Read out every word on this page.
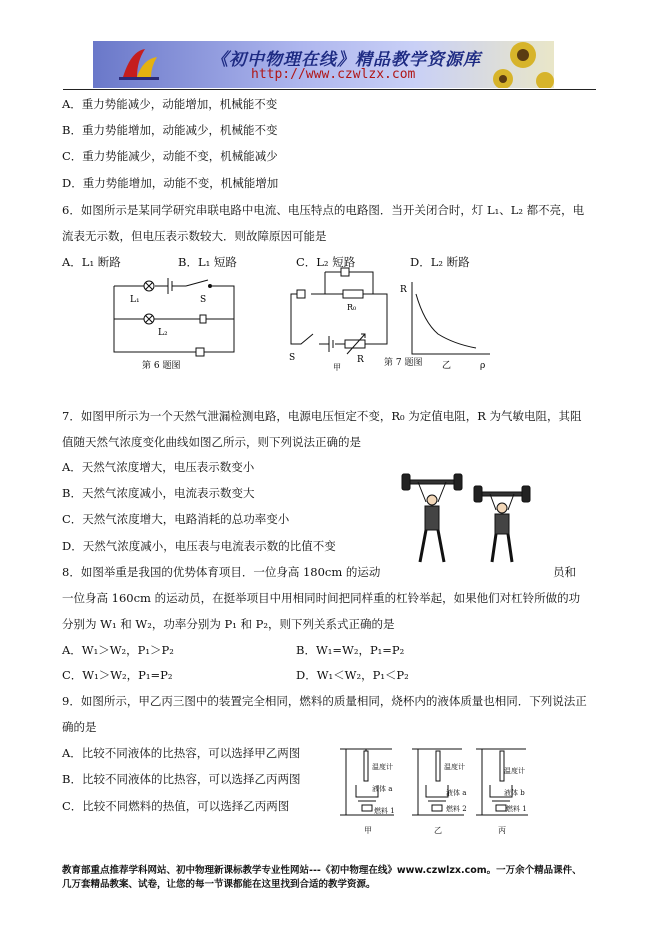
《初中物理在线》精品教学资源库
http://www.czwlzx.com
A．重力势能减少，动能增加，机械能不变
B．重力势能增加，动能减少，机械能不变
C．重力势能减少，动能不变，机械能减少
D．重力势能增加，动能不变，机械能增加
6．如图所示是某同学研究串联电路中电流、电压特点的电路图．当开关闭合时，灯 L₁、L₂ 都不亮，电
流表无示数，但电压表示数较大．则故障原因可能是
A．L₁ 断路	B．L₁ 短路	C．L₂ 短路	D．L₂ 断路
L₁	S
L₂
第 6 题图
R₀
S	R
甲	第 7 题图
R
乙	ρ
7．如图甲所示为一个天然气泄漏检测电路，电源电压恒定不变，R₀ 为定值电阻，R 为气敏电阻，其阻
值随天然气浓度变化曲线如图乙所示，则下列说法正确的是
A．天然气浓度增大，电压表示数变小
B．天然气浓度减小，电流表示数变大
C．天然气浓度增大，电路消耗的总功率变小
D．天然气浓度减小，电压表与电流表示数的比值不变
8．如图举重是我国的优势体育项目．一位身高 180cm 的运动	员和
一位身高 160cm 的运动员，在挺举项目中用相同时间把同样重的杠铃举起，如果他们对杠铃所做的功
分别为 W₁ 和 W₂，功率分别为 P₁ 和 P₂，则下列关系式正确的是
A．W₁＞W₂，P₁＞P₂	B．W₁=W₂，P₁=P₂
C．W₁＞W₂，P₁=P₂	D．W₁＜W₂，P₁＜P₂
9．如图所示，甲乙丙三图中的装置完全相同，燃料的质量相同，烧杯内的液体质量也相同．下列说法正
确的是
A．比较不同液体的比热容，可以选择甲乙两图
B．比较不同液体的比热容，可以选择乙丙两图
C．比较不同燃料的热值，可以选择乙丙两图
温度计
液体 a
燃料 1
温度计
液体 a
燃料 2
温度计
液体 b
燃料 1
甲	乙	丙
教育部重点推荐学科网站、初中物理新课标教学专业性网站---《初中物理在线》www.czwlzx.com。一万余个精品课件、
几万套精品教案、试卷，让您的每一节课都能在这里找到合适的教学资源。
